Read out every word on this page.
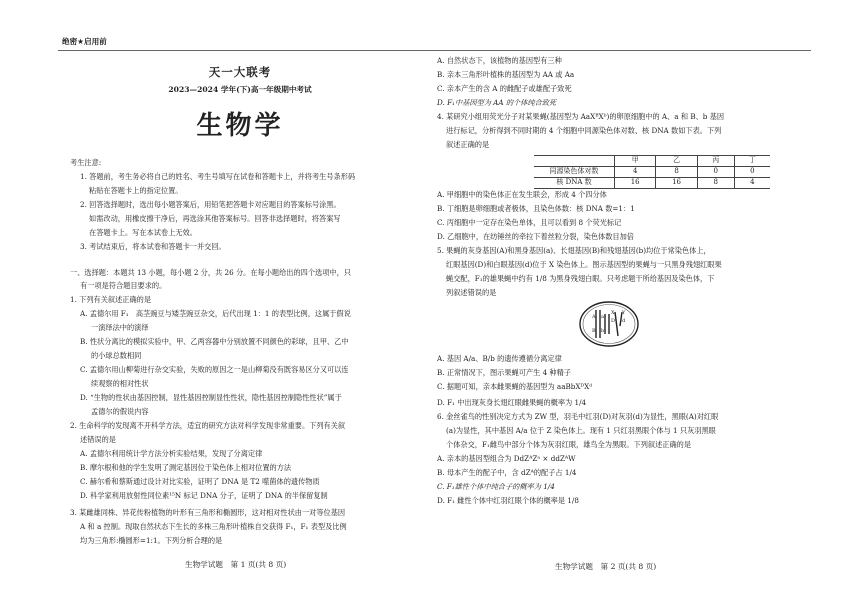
绝密★启用前
天一大联考
2023—2024 学年(下)高一年级期中考试
生物学
考生注意:
1. 答题前，考生务必将自己的姓名、考生号填写在试卷和答题卡上，并将考生号条形码
粘贴在答题卡上的指定位置。
2. 回答选择题时，选出每小题答案后，用铅笔把答题卡对应题目的答案标号涂黑。
如需改动，用橡皮擦干净后，再选涂其他答案标号。回答非选择题时，将答案写
在答题卡上。写在本试卷上无效。
3. 考试结束后，将本试卷和答题卡一并交回。
一、选择题：本题共 13 小题，每小题 2 分，共 26 分。在每小题给出的四个选项中，只
有一项是符合题目要求的。
1. 下列有关叙述正确的是
A. 孟德尔用 F₁　高茎豌豆与矮茎豌豆杂交，后代出现 1：1 的表型比例，这属于假说
一演绎法中的演绎
B. 性状分离比的模拟实验中，甲、乙两容器中分别放置不同颜色的彩球，且甲、乙中
的小球总数相同
C. 孟德尔用山柳菊进行杂交实验，失败的原因之一是山柳菊没有既容易区分又可以连
续观察的相对性状
D. “生物的性状由基因控制，显性基因控制显性性状，隐性基因控制隐性性状”属于
孟德尔的假说内容
2. 生命科学的发现离不开科学方法，适宜的研究方法对科学发现非常重要。下列有关叙
述错误的是
A. 孟德尔利用统计学方法分析实验结果，发现了分离定律
B. 摩尔根和他的学生发明了测定基因位于染色体上相对位置的方法
C. 赫尔希和蔡斯通过设计对比实验，证明了 DNA 是 T2 噬菌体的遗传物质
D. 科学家利用放射性同位素¹⁵N 标记 DNA 分子，证明了 DNA 的半保留复制
3. 某雌雄同株、异花传粉植物的叶形有三角形和椭圆形，这对相对性状由一对等位基因
A 和 a 控制。现取自然状态下生长的多株三角形叶植株自交获得 F₁，F₁ 表型及比例
均为三角形:椭圆形=1:1。下列分析合理的是
生物学试题　第 1 页(共 8 页)
A. 自然状态下，该植物的基因型有三种
B. 亲本三角形叶植株的基因型为 AA 或 Aa
C. 亲本产生的含 A 的雌配子或雄配子致死
D. F₁中基因型为 AA 的个体纯合致死
4. 某研究小组用荧光分子对某果蝇(基因型为 AaXᴮXᵇ)的卵原细胞中的 A、a 和 B、b 基因
进行标记，分析得到不同时期的 4 个细胞中同源染色体对数、核 DNA 数如下表。下列
叙述正确的是
	甲	乙	丙	丁
同源染色体对数	4	8	0	0
核 DNA 数	16	16	8	4
A. 甲细胞中的染色体正在发生联会，形成 4 个四分体
B. 丁细胞是卵细胞或者极体，且染色体数：核 DNA 数=1：1
C. 丙细胞中一定存在染色单体，且可以看到 8 个荧光标记
D. 乙细胞中，在纺锤丝的牵拉下着丝粒分裂，染色体数目加倍
5. 果蝇的灰身基因(A)和黑身基因(a)、长翅基因(B)和残翅基因(b)均位于常染色体上，
红眼基因(D)和白眼基因(d)位于 X 染色体上。图示基因型的果蝇与一只黑身残翅红眼果
蝇交配，F₁的雄果蝇中约有 1/8 为黑身残翅白眼。只考虑题干所给基因及染色体，下
列叙述错误的是
A a
B b
X Y
D d
A. 基因 A/a、B/b 的遗传遵循分离定律
B. 正常情况下，图示果蝇可产生 4 种精子
C. 据题可知，亲本雌果蝇的基因型为 aaBbXᴰXᵈ
D. F₁ 中出现灰身长翅红眼雌果蝇的概率为 1/4
6. 金丝雀鸟的性别决定方式为 ZW 型，羽毛中红羽(D)对灰羽(d)为显性，黑眼(A)对红眼
(a)为显性，其中基因 A/a 位于 Z 染色体上。现有 1 只红羽黑眼个体与 1 只灰羽黑眼
个体杂交，F₁雌鸟中部分个体为灰羽红眼，雄鸟全为黑眼。下列叙述正确的是
A. 亲本的基因型组合为 DdZᴬZᵃ × ddZᴬW
B. 母本产生的配子中，含 dZᴬ的配子占 1/4
C. F₁雄性个体中纯合子的概率为 1/4
D. F₁ 雌性个体中红羽红眼个体的概率是 1/8
生物学试题　第 2 页(共 8 页)
